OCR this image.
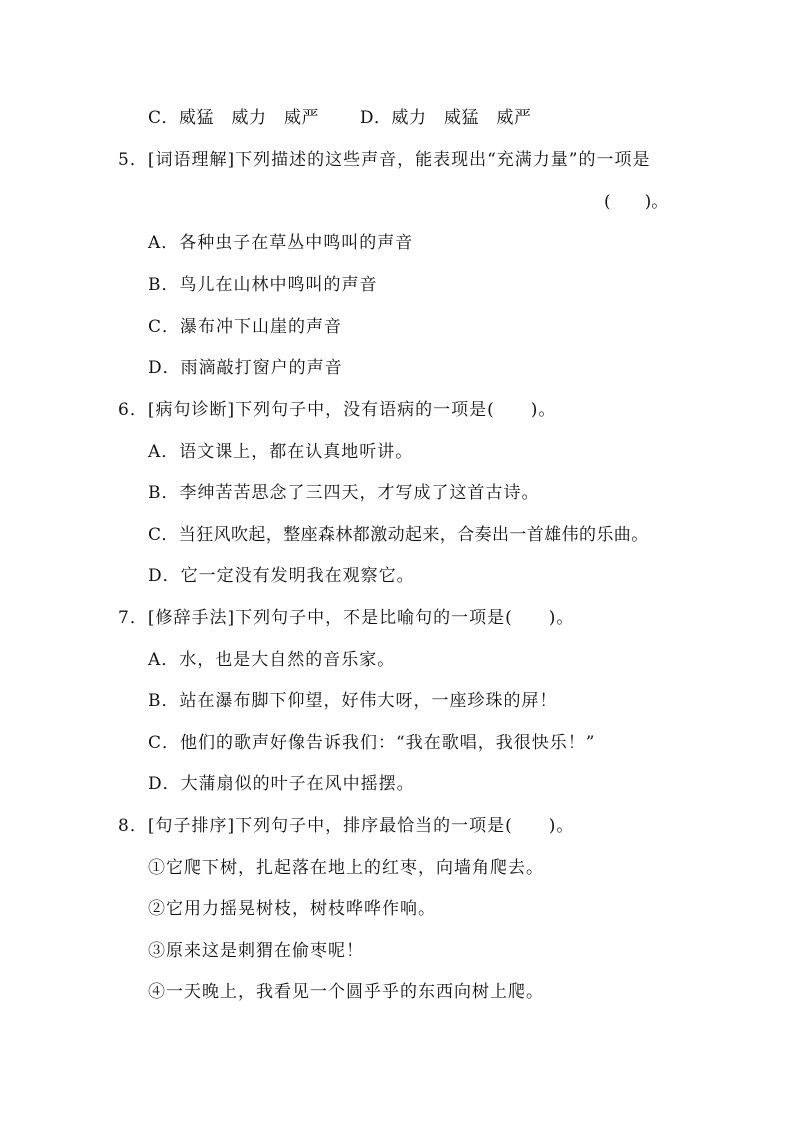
C．威猛　威力　威严　　 D．威力　威猛　威严
5．[词语理解]下列描述的这些声音，能表现出“充满力量”的一项是
(　　)。
A．各种虫子在草丛中鸣叫的声音
B．鸟儿在山林中鸣叫的声音
C．瀑布冲下山崖的声音
D．雨滴敲打窗户的声音
6．[病句诊断]下列句子中，没有语病的一项是(　　)。
A．语文课上，都在认真地听讲。
B．李绅苦苦思念了三四天，才写成了这首古诗。
C．当狂风吹起，整座森林都激动起来，合奏出一首雄伟的乐曲。
D．它一定没有发明我在观察它。
7．[修辞手法]下列句子中，不是比喻句的一项是(　　)。
A．水，也是大自然的音乐家。
B．站在瀑布脚下仰望，好伟大呀，一座珍珠的屏！
C．他们的歌声好像告诉我们：“我在歌唱，我很快乐！”
D．大蒲扇似的叶子在风中摇摆。
8．[句子排序]下列句子中，排序最恰当的一项是(　　)。
①它爬下树，扎起落在地上的红枣，向墙角爬去。
②它用力摇晃树枝，树枝哗哗作响。
③原来这是刺猬在偷枣呢！
④一天晚上，我看见一个圆乎乎的东西向树上爬。
